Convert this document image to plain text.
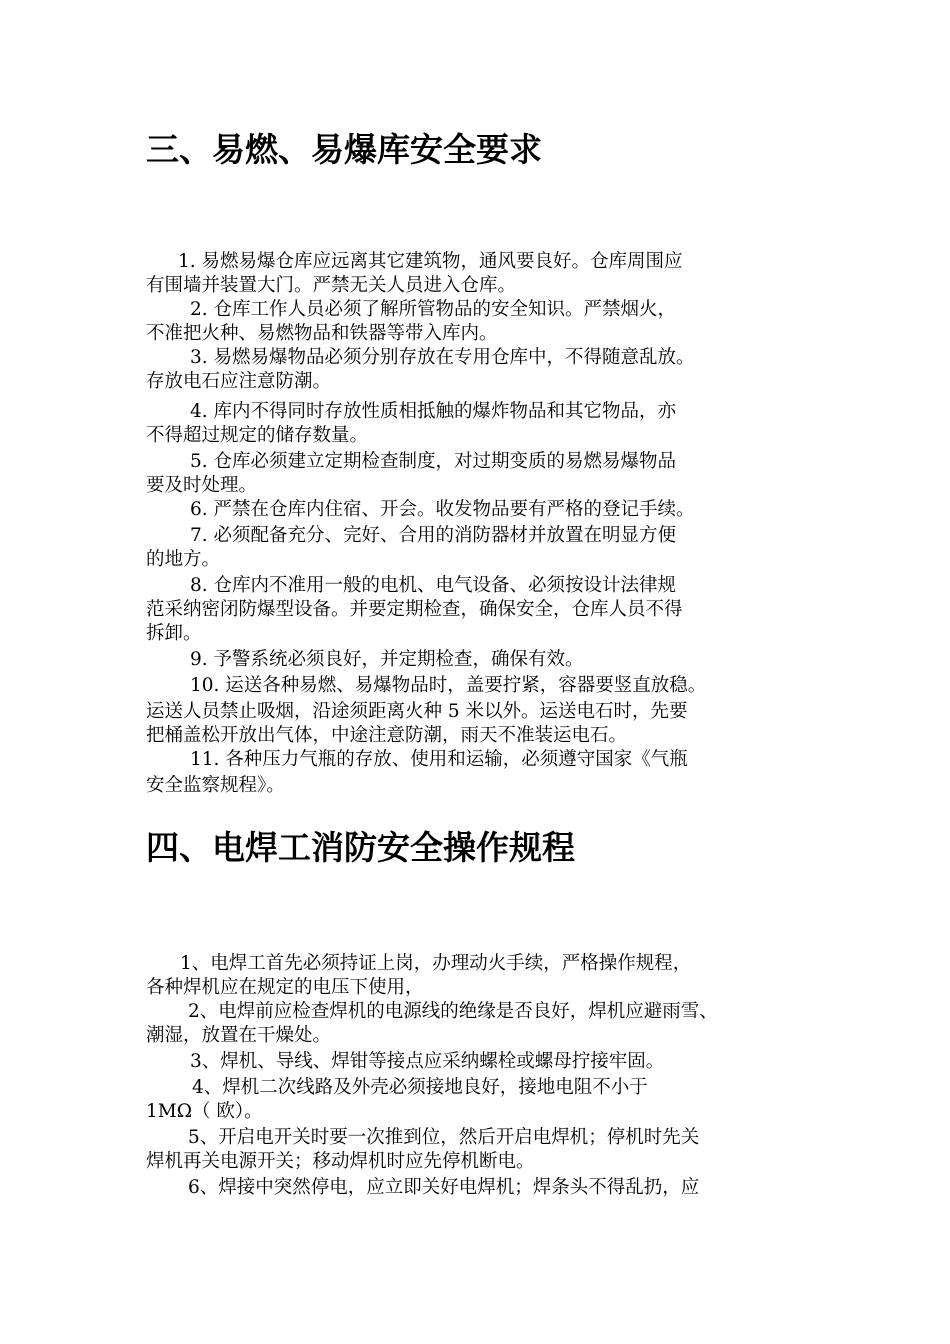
三、易燃、易爆库安全要求

1. 易燃易爆仓库应远离其它建筑物，通风要良好。仓库周围应

有围墙并装置大门。严禁无关人员进入仓库。

2. 仓库工作人员必须了解所管物品的安全知识。严禁烟火，

不准把火种、易燃物品和铁器等带入库内。

3. 易燃易爆物品必须分别存放在专用仓库中，不得随意乱放。

存放电石应注意防潮。

4. 库内不得同时存放性质相抵触的爆炸物品和其它物品，亦

不得超过规定的储存数量。

5. 仓库必须建立定期检查制度，对过期变质的易燃易爆物品

要及时处理。

6. 严禁在仓库内住宿、开会。收发物品要有严格的登记手续。

7. 必须配备充分、完好、合用的消防器材并放置在明显方便

的地方。

8. 仓库内不准用一般的电机、电气设备、必须按设计法律规

范采纳密闭防爆型设备。并要定期检查，确保安全，仓库人员不得

拆卸。

9. 予警系统必须良好，并定期检查，确保有效。

10. 运送各种易燃、易爆物品时，盖要拧紧，容器要竖直放稳。

运送人员禁止吸烟，沿途须距离火种 5 米以外。运送电石时，先要

把桶盖松开放出气体，中途注意防潮，雨天不准装运电石。

11. 各种压力气瓶的存放、使用和运输，必须遵守国家《气瓶

安全监察规程》。

四、电焊工消防安全操作规程

1、电焊工首先必须持证上岗，办理动火手续，严格操作规程，

各种焊机应在规定的电压下使用，

2、电焊前应检查焊机的电源线的绝缘是否良好，焊机应避雨雪、

潮湿，放置在干燥处。

3、焊机、导线、焊钳等接点应采纳螺栓或螺母拧接牢固。

4、焊机二次线路及外壳必须接地良好，接地电阻不小于

1MΩ（ 欧）。

5、开启电开关时要一次推到位，然后开启电焊机；停机时先关

焊机再关电源开关；移动焊机时应先停机断电。

6、焊接中突然停电，应立即关好电焊机；焊条头不得乱扔，应
